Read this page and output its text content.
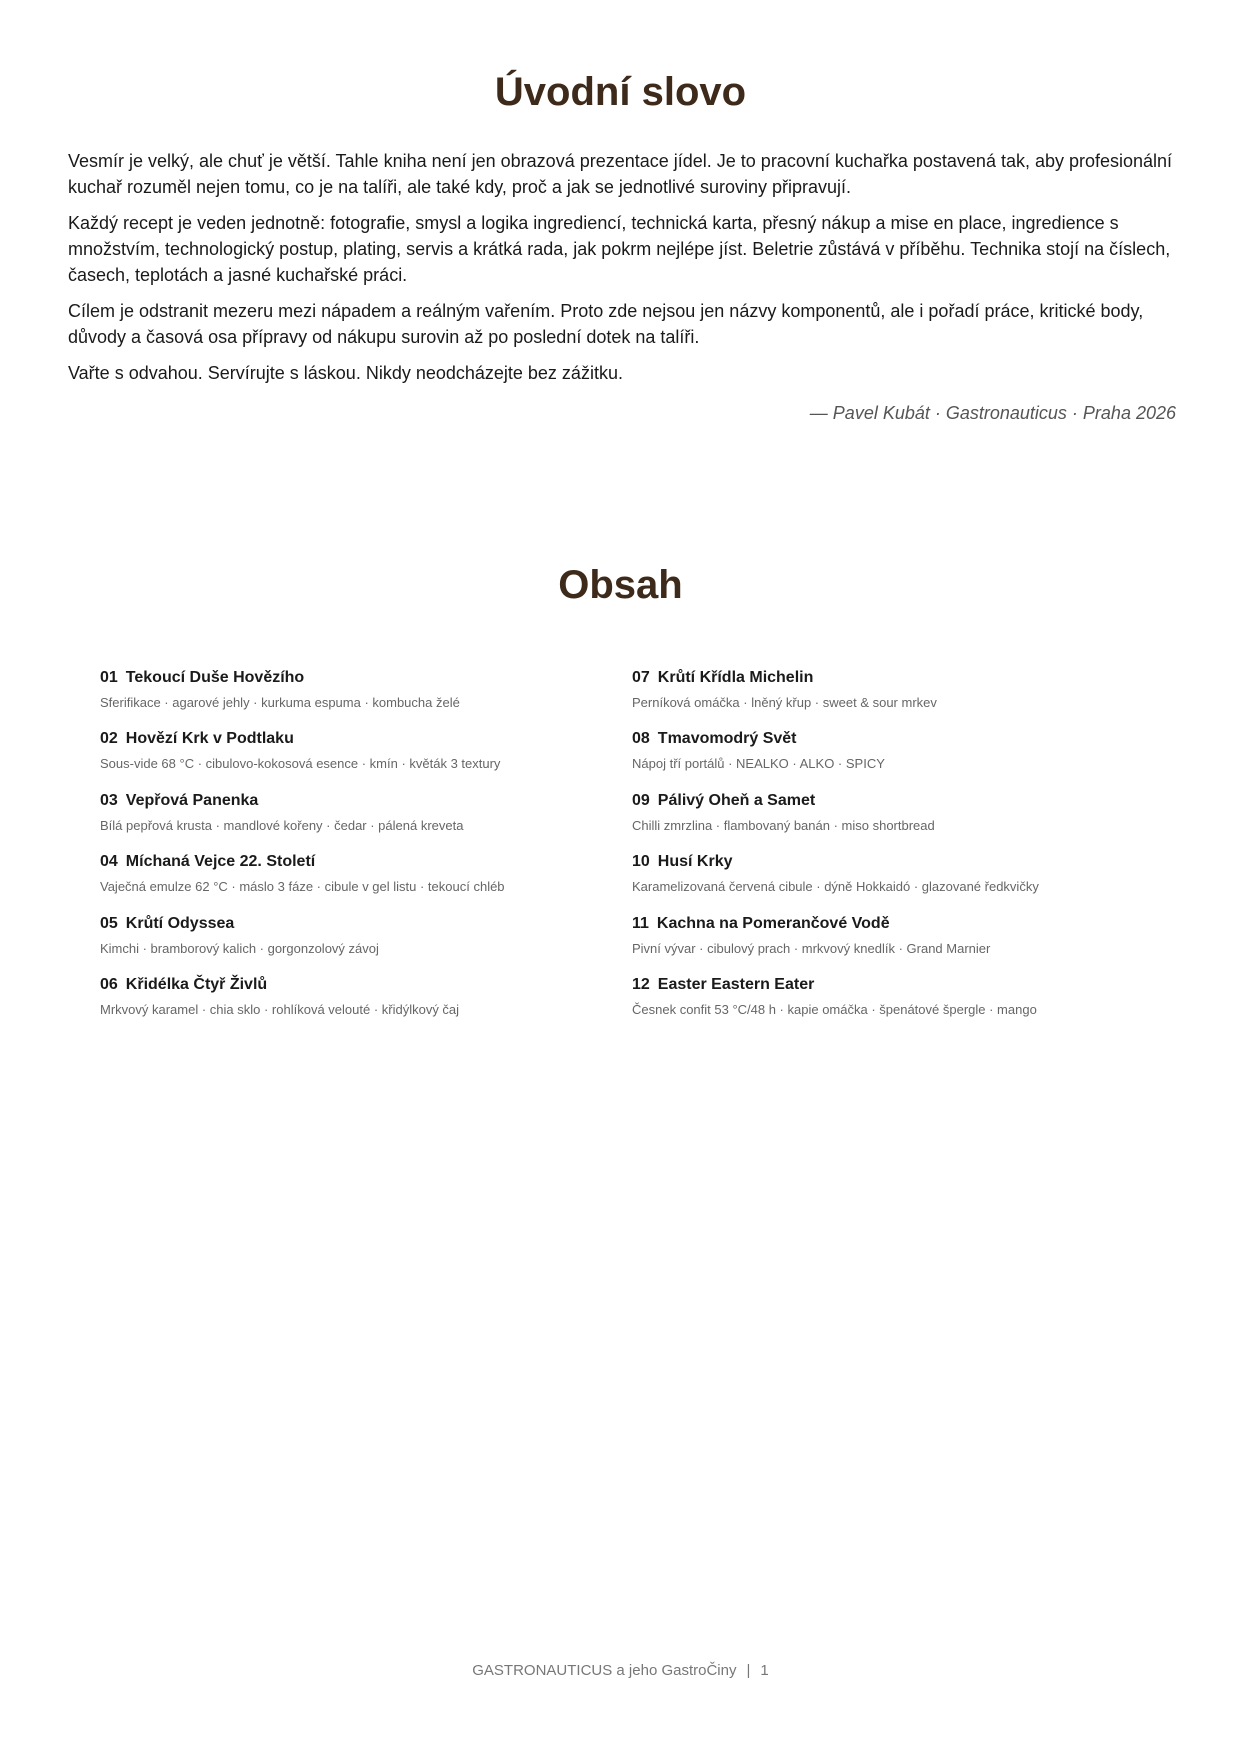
Úvodní slovo

Vesmír je velký, ale chuť je větší. Tahle kniha není jen obrazová prezentace jídel. Je to pracovní kuchařka postavená tak, aby profesionální kuchař rozuměl nejen tomu, co je na talíři, ale také kdy, proč a jak se jednotlivé suroviny připravují.

Každý recept je veden jednotně: fotografie, smysl a logika ingrediencí, technická karta, přesný nákup a mise en place, ingredience s množstvím, technologický postup, plating, servis a krátká rada, jak pokrm nejlépe jíst. Beletrie zůstává v příběhu. Technika stojí na číslech, časech, teplotách a jasné kuchařské práci.

Cílem je odstranit mezeru mezi nápadem a reálným vařením. Proto zde nejsou jen názvy komponentů, ale i pořadí práce, kritické body, důvody a časová osa přípravy od nákupu surovin až po poslední dotek na talíři.

Vařte s odvahou. Servírujte s láskou. Nikdy neodcházejte bez zážitku.

— Pavel Kubát · Gastronauticus · Praha 2026
Obsah
01 Tekoucí Duše Hovězího
Sferifikace · agarové jehly · kurkuma espuma · kombucha želé
02 Hovězí Krk v Podtlaku
Sous-vide 68 °C · cibulovo-kokosová esence · kmín · květák 3 textury
03 Vepřová Panenka
Bílá pepřová krusta · mandlové kořeny · čedar · pálená kreveta
04 Míchaná Vejce 22. Století
Vaječná emulze 62 °C · máslo 3 fáze · cibule v gel listu · tekoucí chléb
05 Krůtí Odyssea
Kimchi · bramborový kalich · gorgonzolový závoj
06 Křidélka Čtyř Živlů
Mrkvový karamel · chia sklo · rohlíková velouté · křidýlkový čaj
07 Krůtí Křídla Michelin
Perníková omáčka · lněný křup · sweet & sour mrkev
08 Tmavomodrý Svět
Nápoj tří portálů · NEALKO · ALKO · SPICY
09 Pálivý Oheň a Samet
Chilli zmrzlina · flambovaný banán · miso shortbread
10 Husí Krky
Karamelizovaná červená cibule · dýně Hokkaidó · glazované ředkvičky
11 Kachna na Pomerančové Vodě
Pivní vývar · cibulový prach · mrkvový knedlík · Grand Marnier
12 Easter Eastern Eater
Česnek confit 53 °C/48 h · kapie omáčka · špenátové špergle · mango
GASTRONAUTICUS a jeho GastroČiny | 1
